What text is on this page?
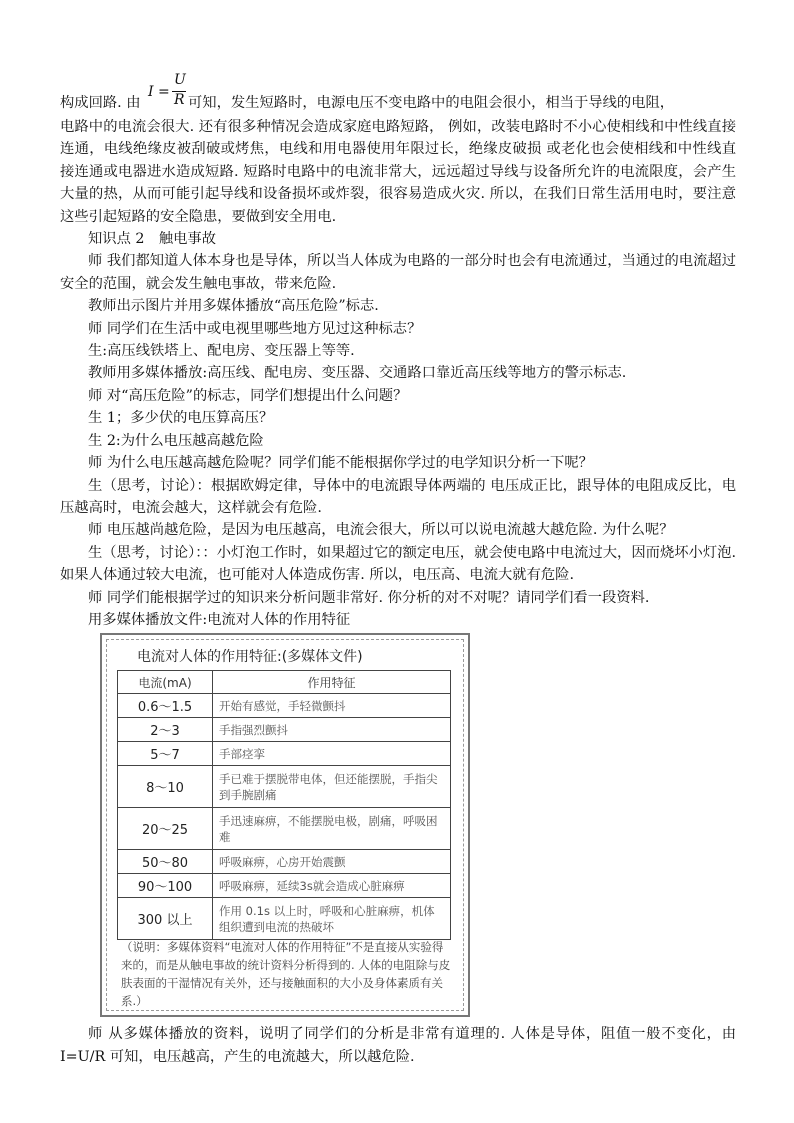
构成回路. 由
I =
U
R 可知，发生短路时，电源电压不变电路中的电阻会很小，相当于导线的电阻，

电路中的电流会很大. 还有很多种情况会造成家庭电路短路， 例如，改装电路时不小心使相线和中性线直接连通，电线绝缘皮被刮破或烤焦，电线和用电器使用年限过长，绝缘皮破损 或老化也会使相线和中性线直接连通或电器进水造成短路. 短路时电路中的电流非常大，远远超过导线与设备所允许的电流限度，会产生大量的热，从而可能引起导线和设备损坏或炸裂，很容易造成火灾. 所以，在我们日常生活用电时，要注意这些引起短路的安全隐患，要做到安全用电.

知识点 2　触电事故

师 我们都知道人体本身也是导体，所以当人体成为电路的一部分时也会有电流通过，当通过的电流超过安全的范围，就会发生触电事故，带来危险.

教师出示图片并用多媒体播放“高压危险”标志.

师 同学们在生活中或电视里哪些地方见过这种标志？

生:高压线铁塔上、配电房、变压器上等等.

教师用多媒体播放:高压线、配电房、变压器、交通路口靠近高压线等地方的警示标志.

师 对“高压危险”的标志，同学们想提出什么问题？

生 1；多少伏的电压算高压？

生 2:为什么电压越高越危险

师 为什么电压越高越危险呢？同学们能不能根据你学过的电学知识分析一下呢？

生（思考，讨论）：根据欧姆定律，导体中的电流跟导体两端的 电压成正比，跟导体的电阻成反比，电压越高时，电流会越大，这样就会有危险.

师 电压越尚越危险，是因为电压越高，电流会很大，所以可以说电流越大越危险. 为什么呢？

生（思考，讨论）：：小灯泡工作时，如果超过它的额定电压，就会使电路中电流过大，因而烧坏小灯泡. 如果人体通过较大电流，也可能对人体造成伤害. 所以，电压高、电流大就有危险.

师 同学们能根据学过的知识来分析问题非常好. 你分析的对不对呢？请同学们看一段资料.

用多媒体播放文件:电流对人体的作用特征

电流对人体的作用特征:(多媒体文件)
电流(mA)	作用特征
0.6～1.5	开始有感觉，手轻微颤抖
2～3	手指强烈颤抖
5～7	手部痉挛
8～10	手已难于摆脱带电体，但还能摆脱，手指尖到手腕剧痛
20～25	手迅速麻痹，不能摆脱电极，剧痛，呼吸困难
50～80	呼吸麻痹，心房开始震颤
90～100	呼吸麻痹，延续3s就会造成心脏麻痹
300 以上	作用 0.1s 以上时，呼吸和心脏麻痹，机体组织遭到电流的热破坏
（说明：多媒体资料“电流对人体的作用特征”不是直接从实验得来的，而是从触电事故的统计资料分析得到的. 人体的电阻除与皮肤表面的干湿情况有关外，还与接触面积的大小及身体素质有关系.）

师 从多媒体播放的资料，说明了同学们的分析是非常有道理的. 人体是导体，阻值一般不变化，由 I=U/R 可知，电压越高，产生的电流越大，所以越危险.
